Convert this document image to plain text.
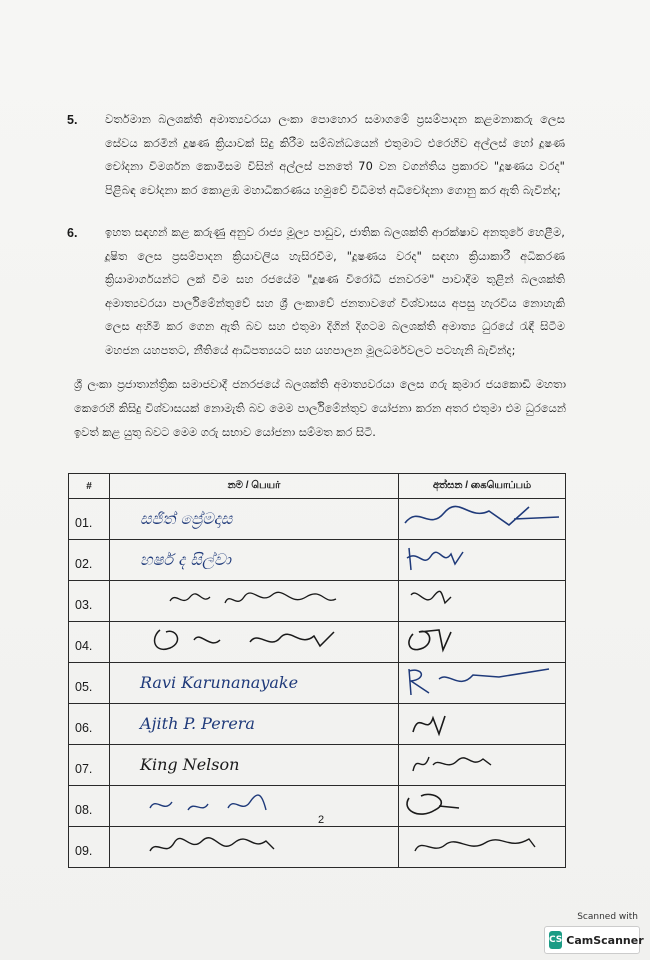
5. වර්තමාන බලශක්ති අමාත්‍යවරයා ලංකා පොහොර සමාගමේ ප්‍රසම්පාදන කළමනාකරු ලෙස සේවය කරමින් දූෂණ ක්‍රියාවක් සිදු කිරීම සම්බන්ධයෙන් එතුමාට එරෙහිව අල්ලස් හෝ දූෂණ චෝදනා විමර්ශන කොමිසම විසින් අල්ලස් පනතේ 70 වන වගන්තිය ප්‍රකාරව "දූෂණය වරද" පිළිබඳ චෝදනා කර කොළඹ මහාධිකරණය හමුවේ විධිමත් අධිචෝදනා ගොනු කර ඇති බැවින්ද;
6. ඉහත සඳහන් කළ කරුණු අනුව රාජ්‍ය මූල්‍ය පාඩුව, ජාතික බලශක්ති ආරක්ෂාව අනතුරේ හෙළීම, දූෂිත ලෙස ප්‍රසම්පාදන ක්‍රියාවලිය හැසිරවීම, "දූෂණය වරද" සඳහා ක්‍රියාකාරී අධිකරණ ක්‍රියාමාර්ගයන්ට ලක් වීම සහ රජයේම "දූෂණ විරෝධී ජනවරම" පාවාදීම තුළින් බලශක්ති අමාත්‍යවරයා පාර්ලිමේන්තුවේ සහ ශ්‍රී ලංකාවේ ජනතාවගේ විශ්වාසය අපසු හැරවිය නොහැකි ලෙස අහිමි කර ගෙන ඇති බව සහ එතුමා දිගින් දිගටම බලශක්ති අමාත්‍ය ධුරයේ රැඳී සිටීම මහජන යහපතට, නීතියේ ආධිපත්‍යයට සහ යහපාලන මූලධර්මවලට පටහැනි බැවින්ද;
ශ්‍රී ලංකා ප්‍රජාතාන්ත්‍රික සමාජවාදී ජනරජයේ බලශක්ති අමාත්‍යවරයා ලෙස ගරු කුමාර ජයකොඩි මහතා කෙරෙහි කිසිදු විශ්වාසයක් නොමැති බව මෙම පාර්ලිමේන්තුව යෝජනා කරන අතර එතුමා එම ධුරයෙන් ඉවත් කළ යුතු බවට මෙම ගරු සභාව යෝජනා සම්මත කර සිටී.
#	නම / பெயர்	අත්සන / கையொப்பம்
01.	සජිත් ප්‍රේමදාස	
02.	හර්ෂ ද සිල්වා	
03.		
04.		
05.	Ravi Karunanayake	
06.	Ajith P. Perera	
07.	King Nelson	
08.		
09.		
2
Scanned with
CS CamScanner
